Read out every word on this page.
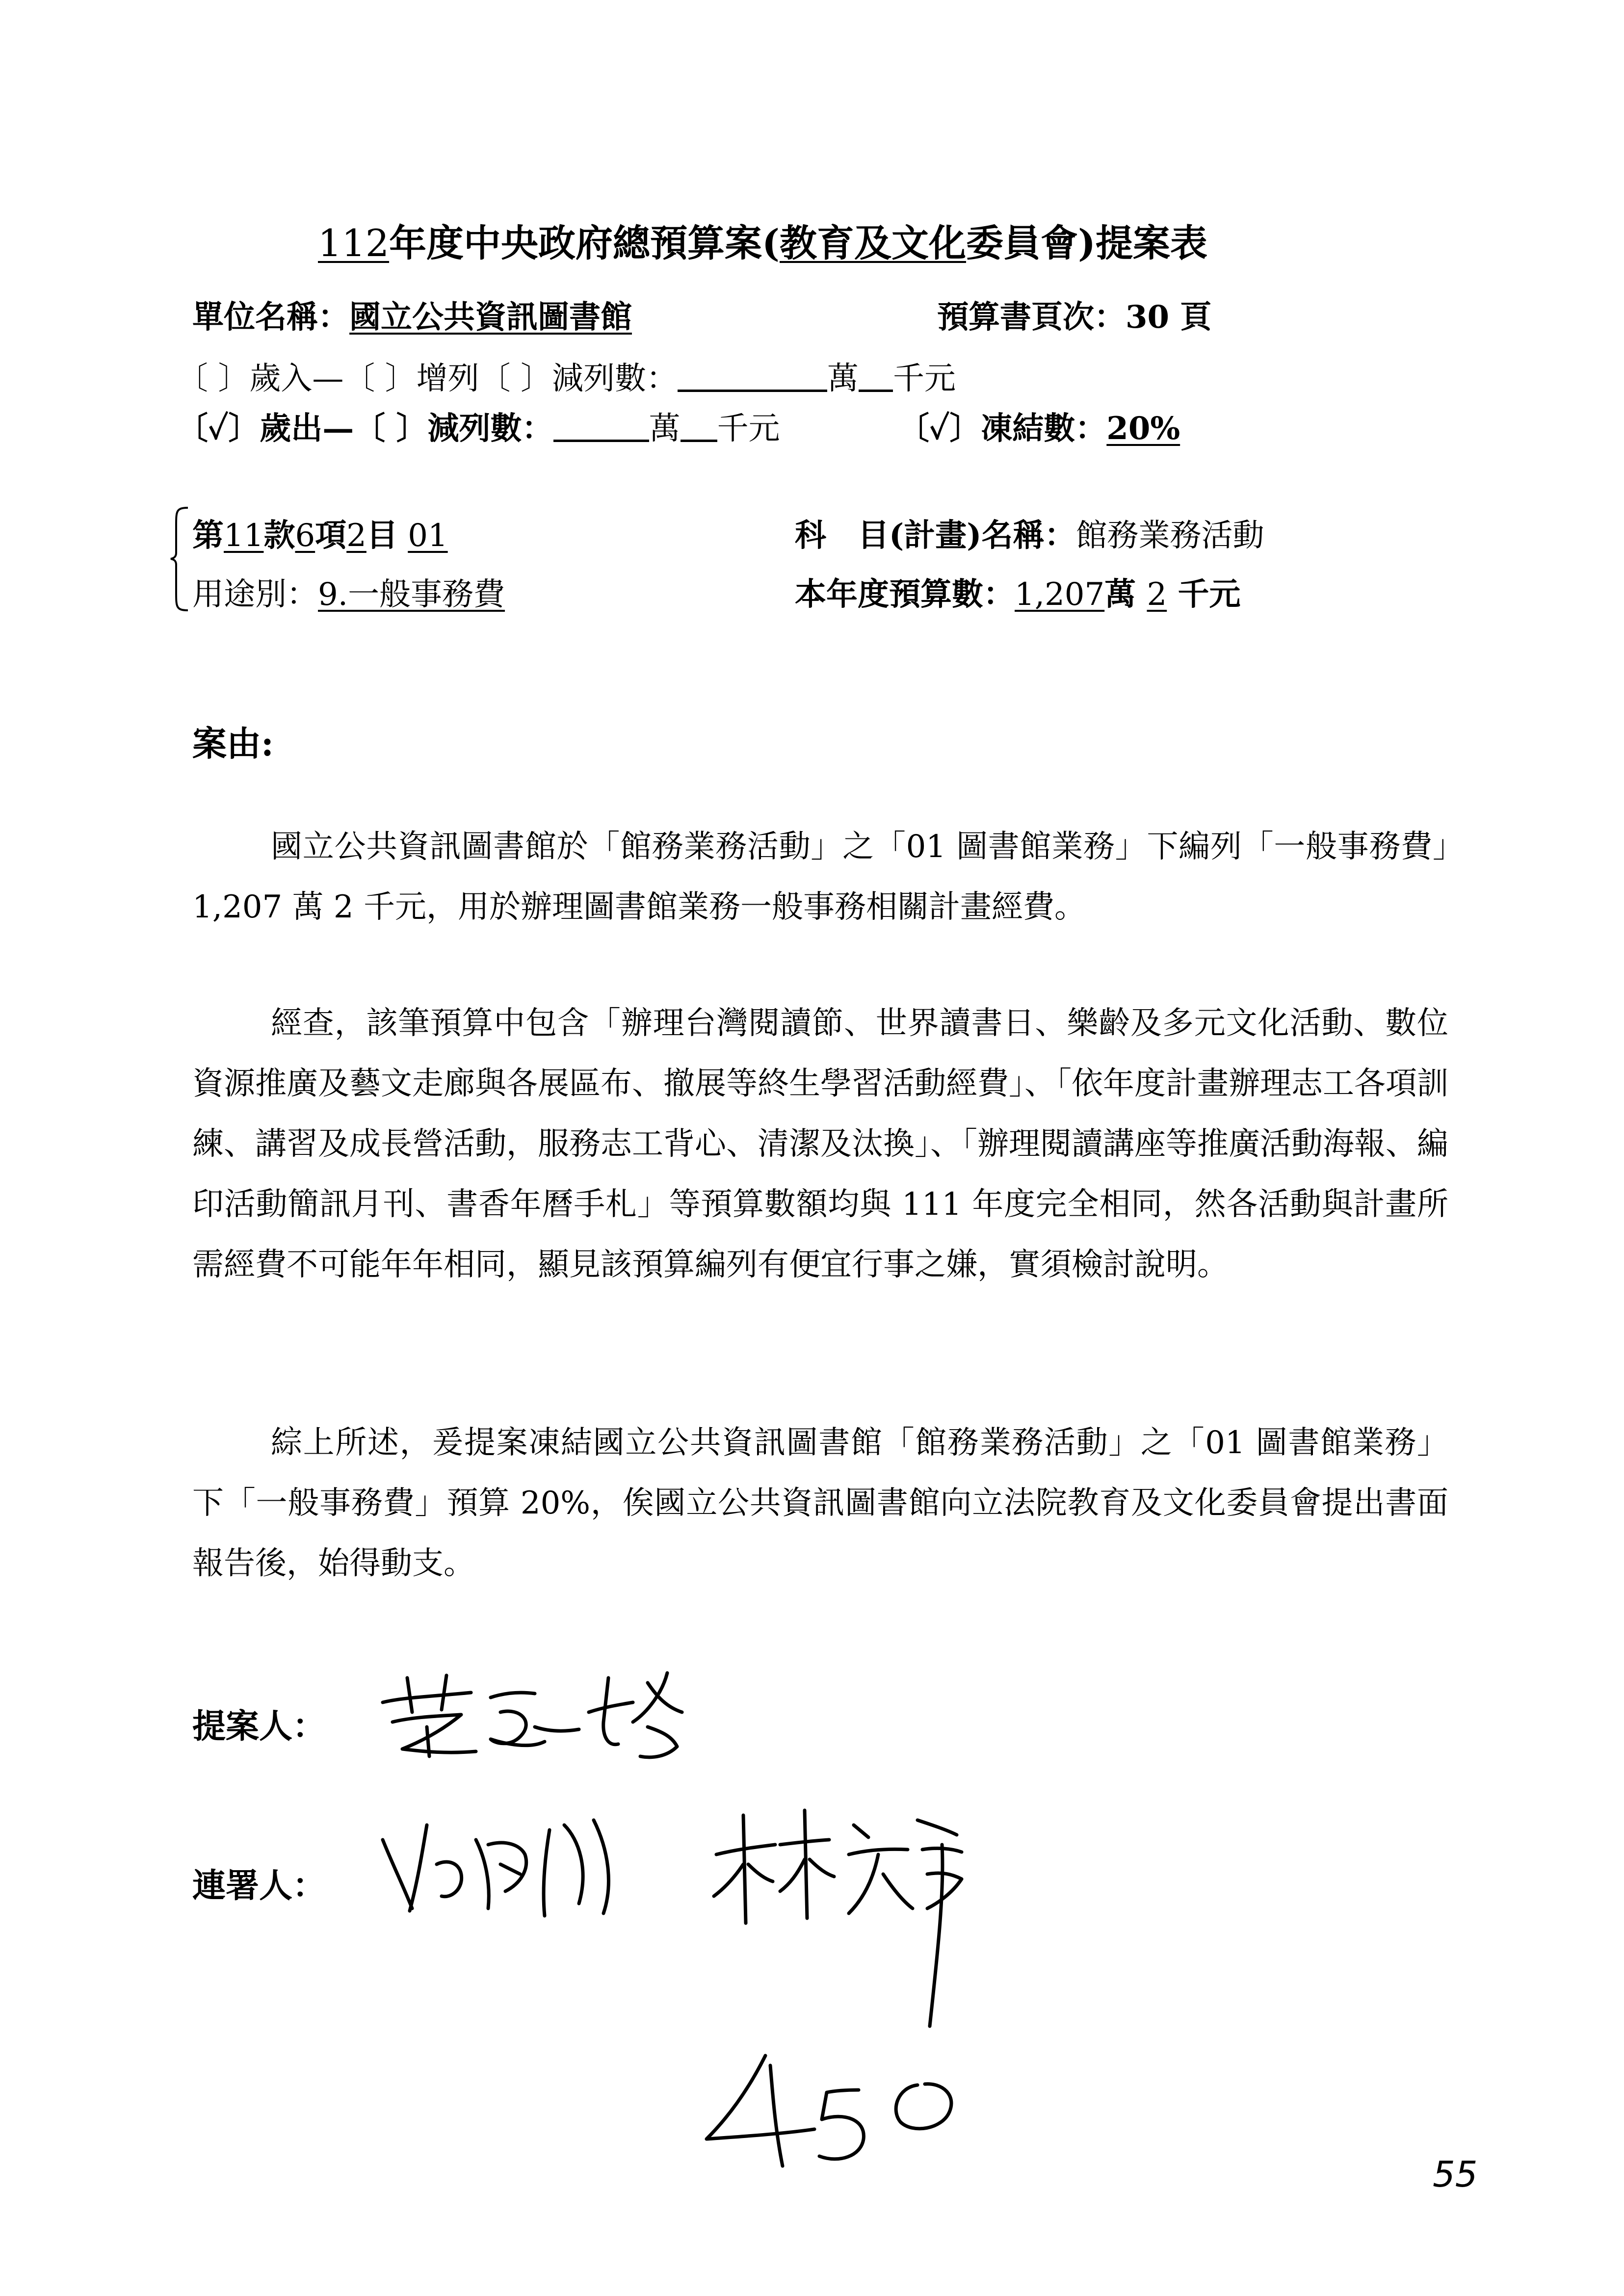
112年度中央政府總預算案(教育及文化委員會)提案表
單位名稱：國立公共資訊圖書館	預算書頁次：30 頁
〔 〕歲入—〔 〕增列〔 〕減列數：	萬 千元
〔✓〕歲出—〔 〕減列數：	萬 千元	〔✓〕凍結數：20%
第11款6項2目 01	科　目(計畫)名稱：館務業務活動
用途別：9.一般事務費	本年度預算數：1,207萬 2 千元
案由:

國立公共資訊圖書館於「館務業務活動」之「01 圖書館業務」下編列「一般事務費」1,207 萬 2 千元，用於辦理圖書館業務一般事務相關計畫經費。

經查，該筆預算中包含「辦理台灣閱讀節、世界讀書日、樂齡及多元文化活動、數位資源推廣及藝文走廊與各展區布、撤展等終生學習活動經費」、「依年度計畫辦理志工各項訓練、講習及成長營活動，服務志工背心、清潔及汰換」、「辦理閱讀講座等推廣活動海報、編印活動簡訊月刊、書香年曆手札」等預算數額均與 111 年度完全相同，然各活動與計畫所需經費不可能年年相同，顯見該預算編列有便宜行事之嫌，實須檢討說明。

綜上所述，爰提案凍結國立公共資訊圖書館「館務業務活動」之「01 圖書館業務」下「一般事務費」預算 20%，俟國立公共資訊圖書館向立法院教育及文化委員會提出書面報告後，始得動支。

提案人：
連署人：
55
